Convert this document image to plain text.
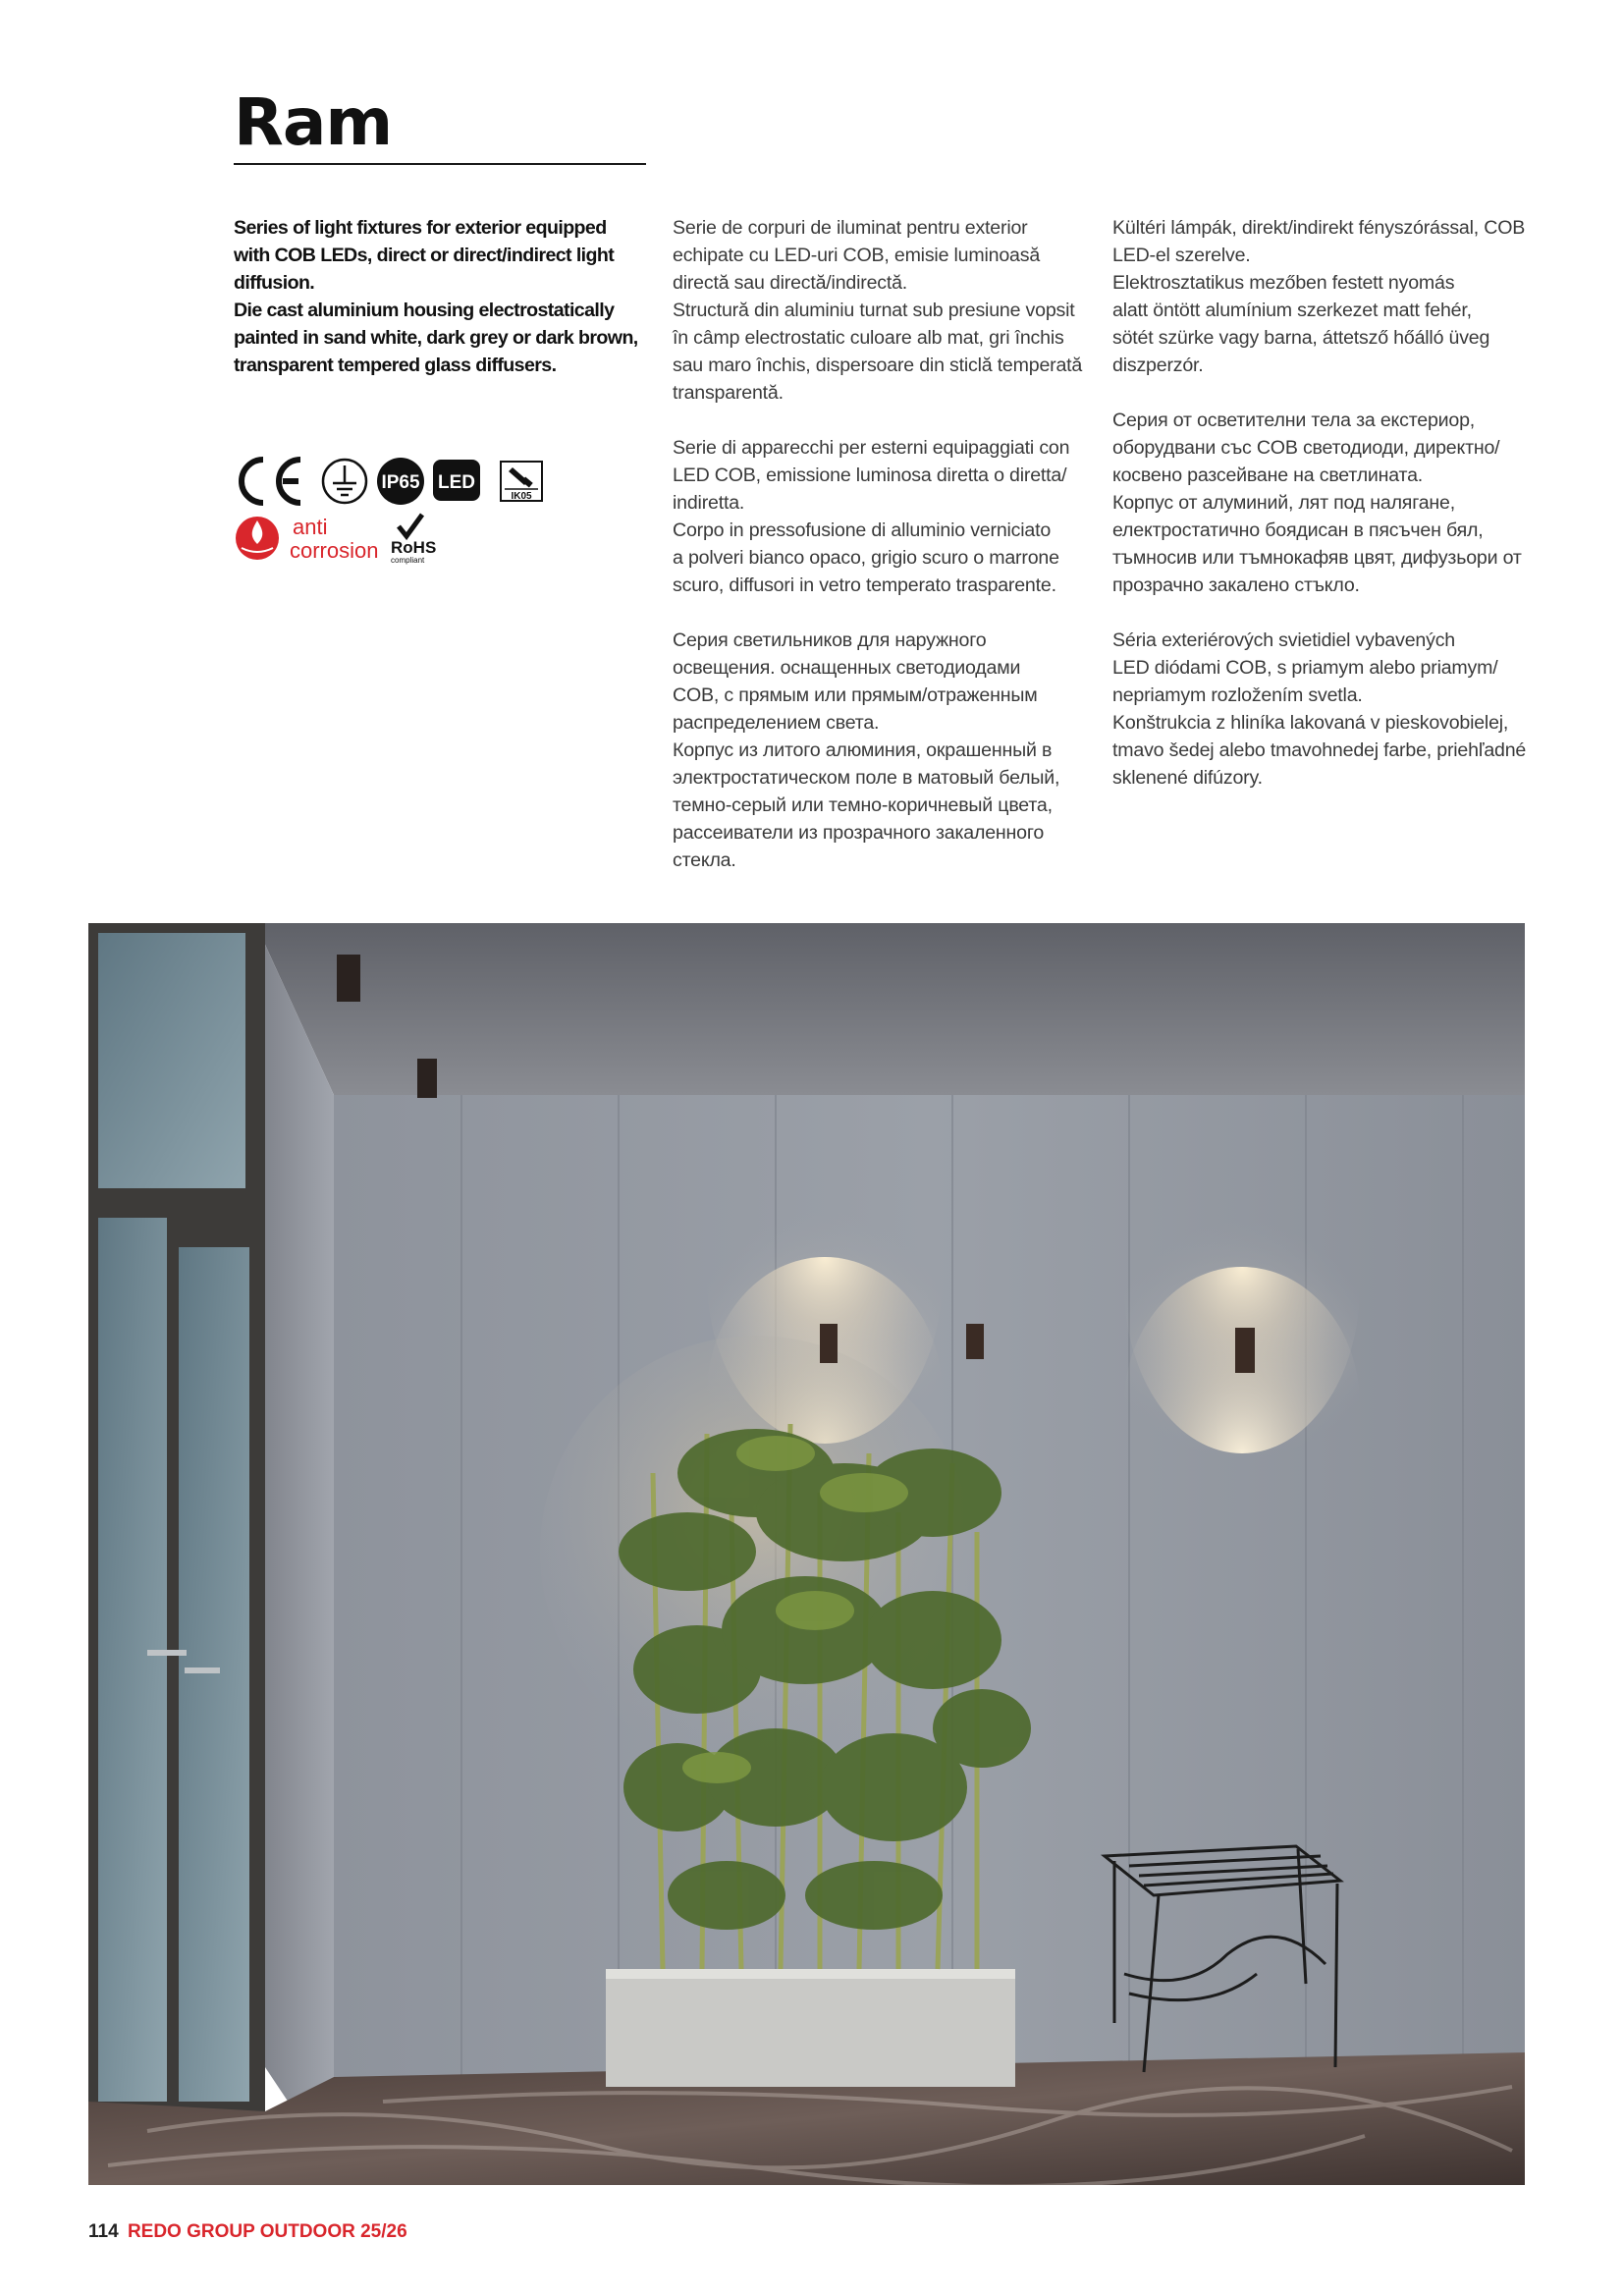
Ram

Series of light fixtures for exterior equipped
with COB LEDs, direct or direct/indirect light
diffusion.
Die cast aluminium housing electrostatically
painted in sand white, dark grey or dark brown,
transparent tempered glass diffusers.

Serie de corpuri de iluminat pentru exterior
echipate cu LED-uri COB, emisie luminoasă
directă sau directă/indirectă.
Structură din aluminiu turnat sub presiune vopsit
în câmp electrostatic culoare alb mat, gri închis
sau maro închis, dispersoare din sticlă temperată
transparentă.

Serie di apparecchi per esterni equipaggiati con
LED COB, emissione luminosa diretta o diretta/
indiretta.
Corpo in pressofusione di alluminio verniciato
a polveri bianco opaco, grigio scuro o marrone
scuro, diffusori in vetro temperato trasparente.

Серия светильников для наружного
освещения. оснащенных светодиодами
COB, с прямым или прямым/отраженным
распределением света.
Корпус из литого алюминия, окрашенный в
электростатическом поле в матовый белый,
темно-серый или темно-коричневый цвета,
рассеиватели из прозрачного закаленного
стекла.

Kültéri lámpák, direkt/indirekt fényszórással, COB
LED-el szerelve.
Elektrosztatikus mezőben festett nyomás
alatt öntött alumínium szerkezet matt fehér,
sötét szürke vagy barna, áttetsző hőálló üveg
diszperzór.

Серия от осветителни тела за екстериор,
оборудвани със COB светодиоди, директно/
косвено разсейване на светлината.
Корпус от алуминий, лят под налягане,
електростатично боядисан в пясъчен бял,
тъмносив или тъмнокафяв цвят, дифузьори от
прозрачно закалено стъкло.

Séria exteriérových svietidiel vybavených
LED diódami COB, s priamym alebo priamym/
nepriamym rozložením svetla.
Konštrukcia z hliníka lakovaná v pieskovobielej,
tmavo šedej alebo tmavohnedej farbe, priehľadné
sklenené difúzory.

IP65 LED
IK05
anti
corrosion RoHS
compliant
114 REDO GROUP OUTDOOR 25/26
